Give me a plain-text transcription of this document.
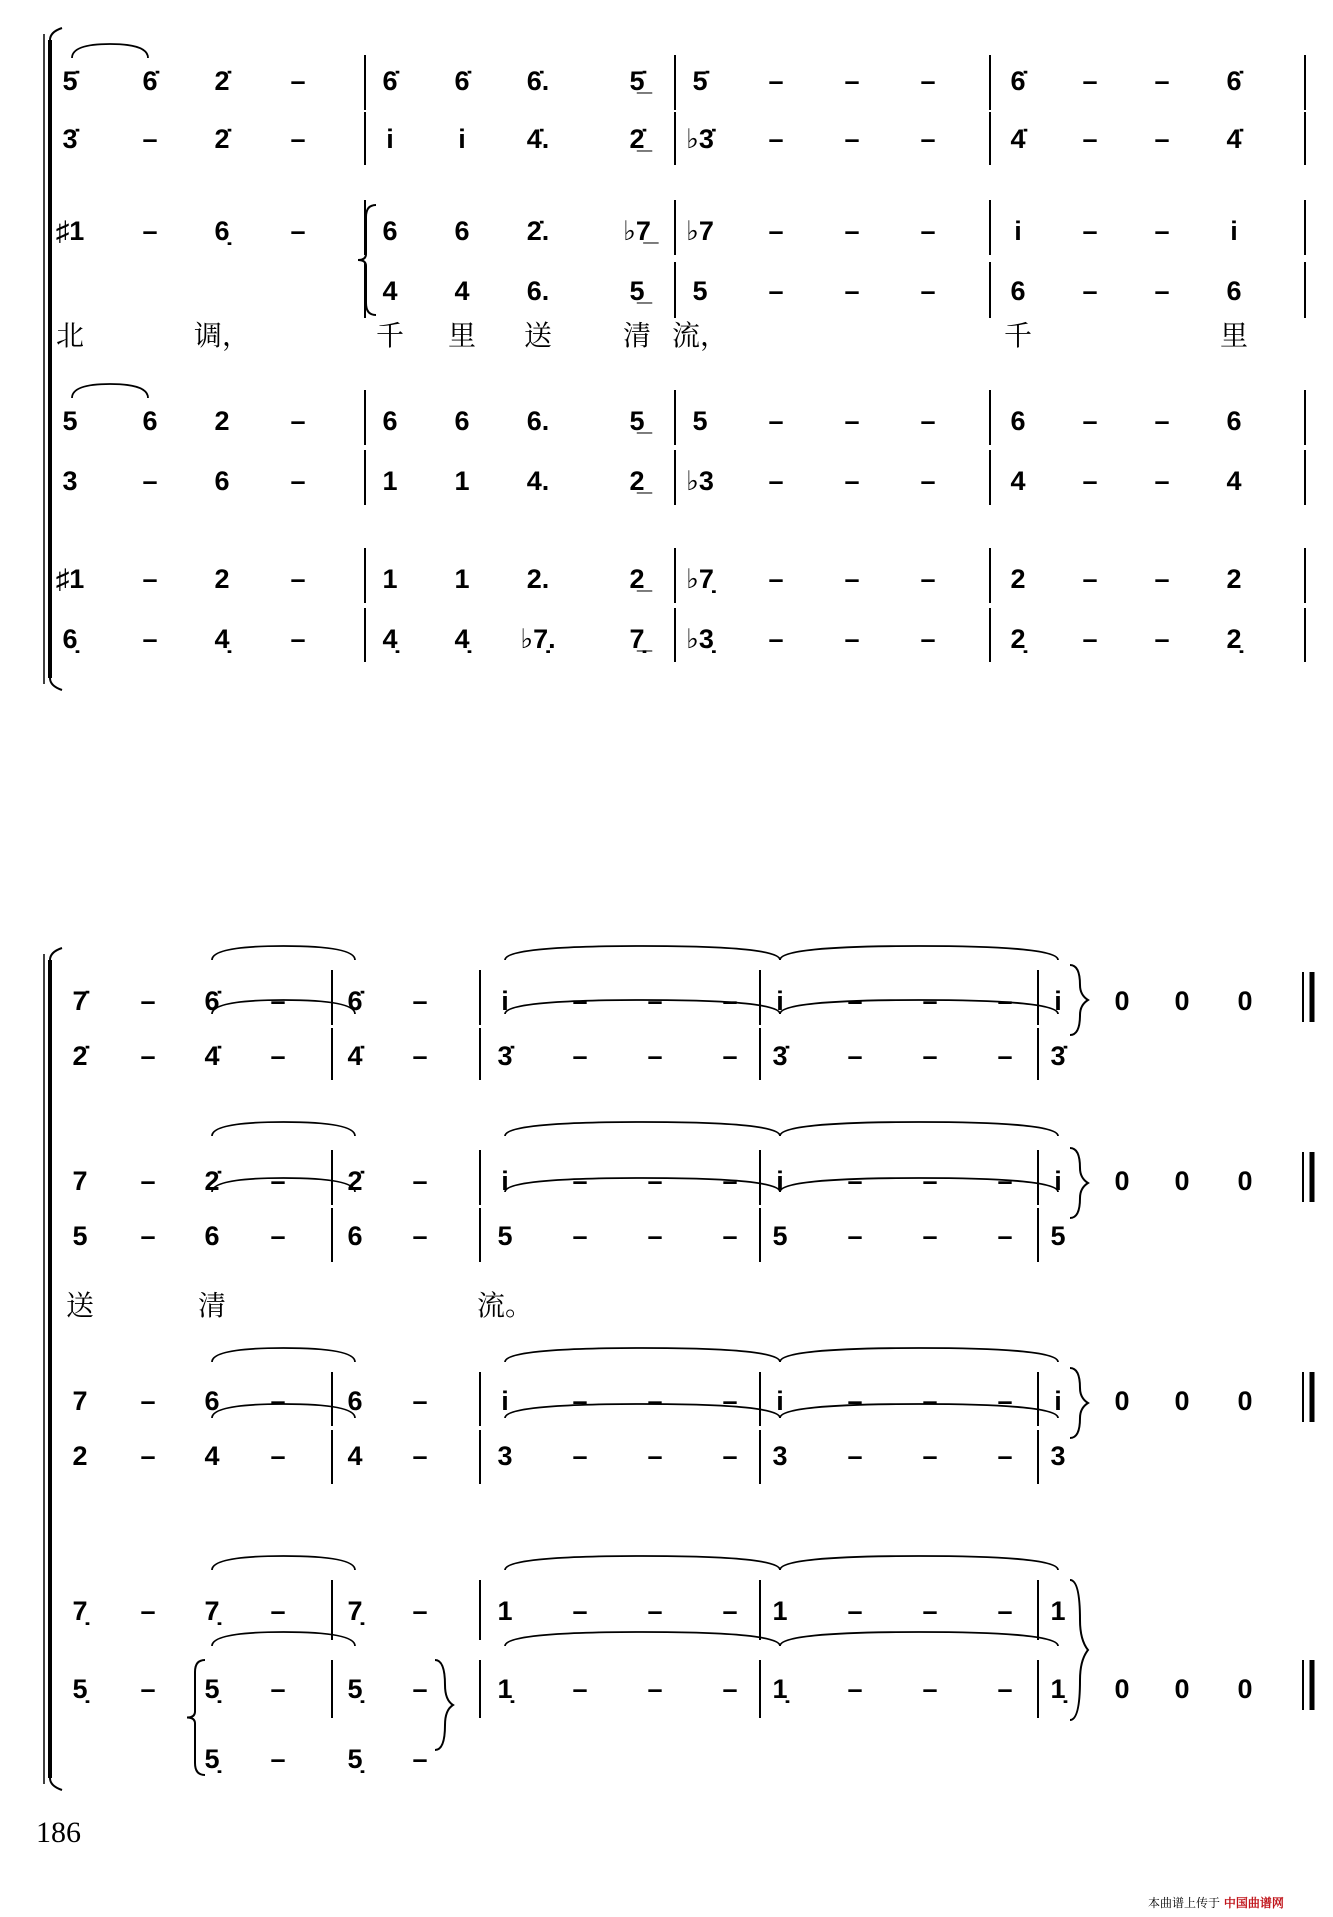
5̇ 6̇ 2̇ –	6̇ 6̇ 6̇.	5̲̇ 5̇ – – –	6̇ – – 6̇
3̇ – 2̇ –	i i 4̇.	2̲̇ ♭3̇ – – –	4̇ – – 4̇
♯1 – 6̣ –	6 6 2̇.	♭7̲ ♭7 – – –	i – – i
4 4 6.	5̲ 5 – – –	6 – – 6
北	调，	千 里 送	清 流，	千	里
5 6 2 –	6 6 6.	5̲ 5 – – –	6 – – 6
3 – 6 –	1 1 4.	2̲ ♭3 – – –	4 – – 4
♯1 – 2 –	1 1 2.	2̲ ♭7̣ – – –	2 – – 2
6̣ – 4̣ –	4̣ 4̣ ♭7̣.	7̲̣ ♭3̣ – – –	2̣ – – 2̣
7̇ – 6̇ – 6̇ –	i – – – i – – – i 0 0 0
2̇ – 4̇ – 4̇ –	3̇ – – – 3̇ – – – 3̇
7 – 2̇ – 2̇ –	i – – – i – – – i 0 0 0
5 – 6 – 6 –	5 – – – 5 – – – 5
送	清	流。
7 – 6 – 6 –	i – – – i – – – i 0 0 0
2 – 4 – 4 –	3 – – – 3 – – – 3
7̣ – 7̣ – 7̣ –	1 – – – 1 – – – 1
5̣ – 5̣ – 5̣ –	1̣ – – – 1̣ – – – 1̣ 0 0 0
5̣ – 5̣ –
186
本曲谱上传于 中国曲谱网
